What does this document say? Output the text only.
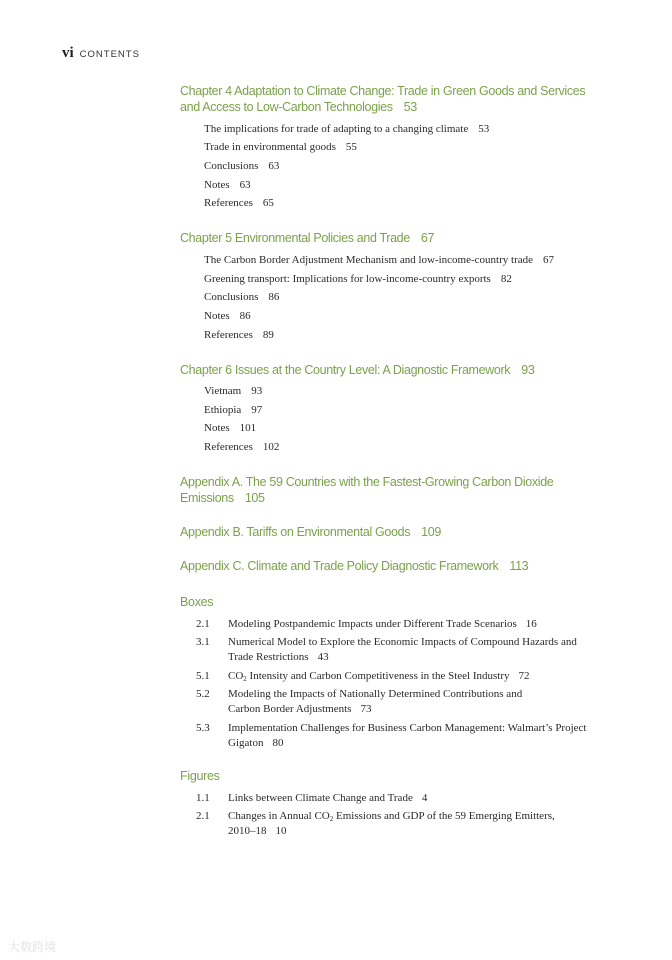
vi CONTENTS
Chapter 4 Adaptation to Climate Change: Trade in Green Goods and Services and Access to Low-Carbon Technologies 53
The implications for trade of adapting to a changing climate 53
Trade in environmental goods 55
Conclusions 63
Notes 63
References 65
Chapter 5 Environmental Policies and Trade 67
The Carbon Border Adjustment Mechanism and low-income-country trade 67
Greening transport: Implications for low-income-country exports 82
Conclusions 86
Notes 86
References 89
Chapter 6 Issues at the Country Level: A Diagnostic Framework 93
Vietnam 93
Ethiopia 97
Notes 101
References 102
Appendix A. The 59 Countries with the Fastest-Growing Carbon Dioxide Emissions 105
Appendix B. Tariffs on Environmental Goods 109
Appendix C. Climate and Trade Policy Diagnostic Framework 113
Boxes
2.1 Modeling Postpandemic Impacts under Different Trade Scenarios 16
3.1 Numerical Model to Explore the Economic Impacts of Compound Hazards and Trade Restrictions 43
5.1 $CO_2$ Intensity and Carbon Competitiveness in the Steel Industry 72
5.2 Modeling the Impacts of Nationally Determined Contributions and Carbon Border Adjustments 73
5.3 Implementation Challenges for Business Carbon Management: Walmart’s Project Gigaton 80
Figures
1.1 Links between Climate Change and Trade 4
2.1 Changes in Annual $CO_2$ Emissions and GDP of the 59 Emerging Emitters, 2010–18 10
大数跨境
